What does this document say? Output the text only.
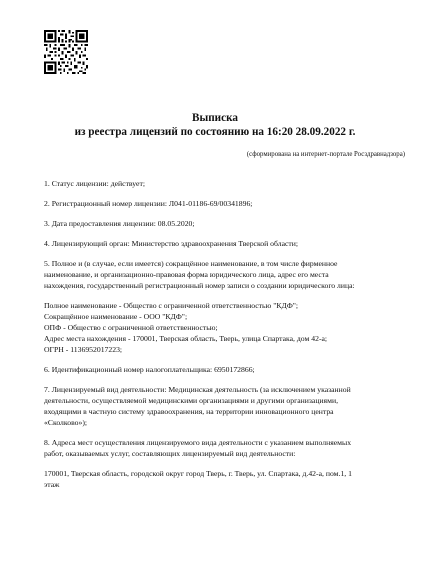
Выписка
из реестра лицензий по состоянию на 16:20 28.09.2022 г.
(сформирована на интернет-портале Росздравнадзора)

1. Статус лицензии: действует;

2. Регистрационный номер лицензии: Л041-01186-69/00341896;

3. Дата предоставления лицензии: 08.05.2020;

4. Лицензирующий орган: Министерство здравоохранения Тверской области;

5. Полное и (в случае, если имеется) сокращённое наименование, в том числе фирменное
наименование, и организационно-правовая форма юридического лица, адрес его места
нахождения, государственный регистрационный номер записи о создании юридического лица:

Полное наименование - Общество с ограниченной ответственностью "КДФ";
Сокращённое наименование - ООО "КДФ";
ОПФ - Общество с ограниченной ответственностью;
Адрес места нахождения - 170001, Тверская область, Тверь, улица Спартака, дом 42-а;
ОГРН - 1136952017223;

6. Идентификационный номер налогоплательщика: 6950172866;

7. Лицензируемый вид деятельности: Медицинская деятельность (за исключением указанной
деятельности, осуществляемой медицинскими организациями и другими организациями,
входящими в частную систему здравоохранения, на территории инновационного центра
«Сколково»);

8. Адреса мест осуществления лицензируемого вида деятельности с указанием выполняемых
работ, оказываемых услуг, составляющих лицензируемый вид деятельности:

170001, Тверская область, городской округ город Тверь, г. Тверь, ул. Спартака, д.42-а, пом.1, 1
этаж
